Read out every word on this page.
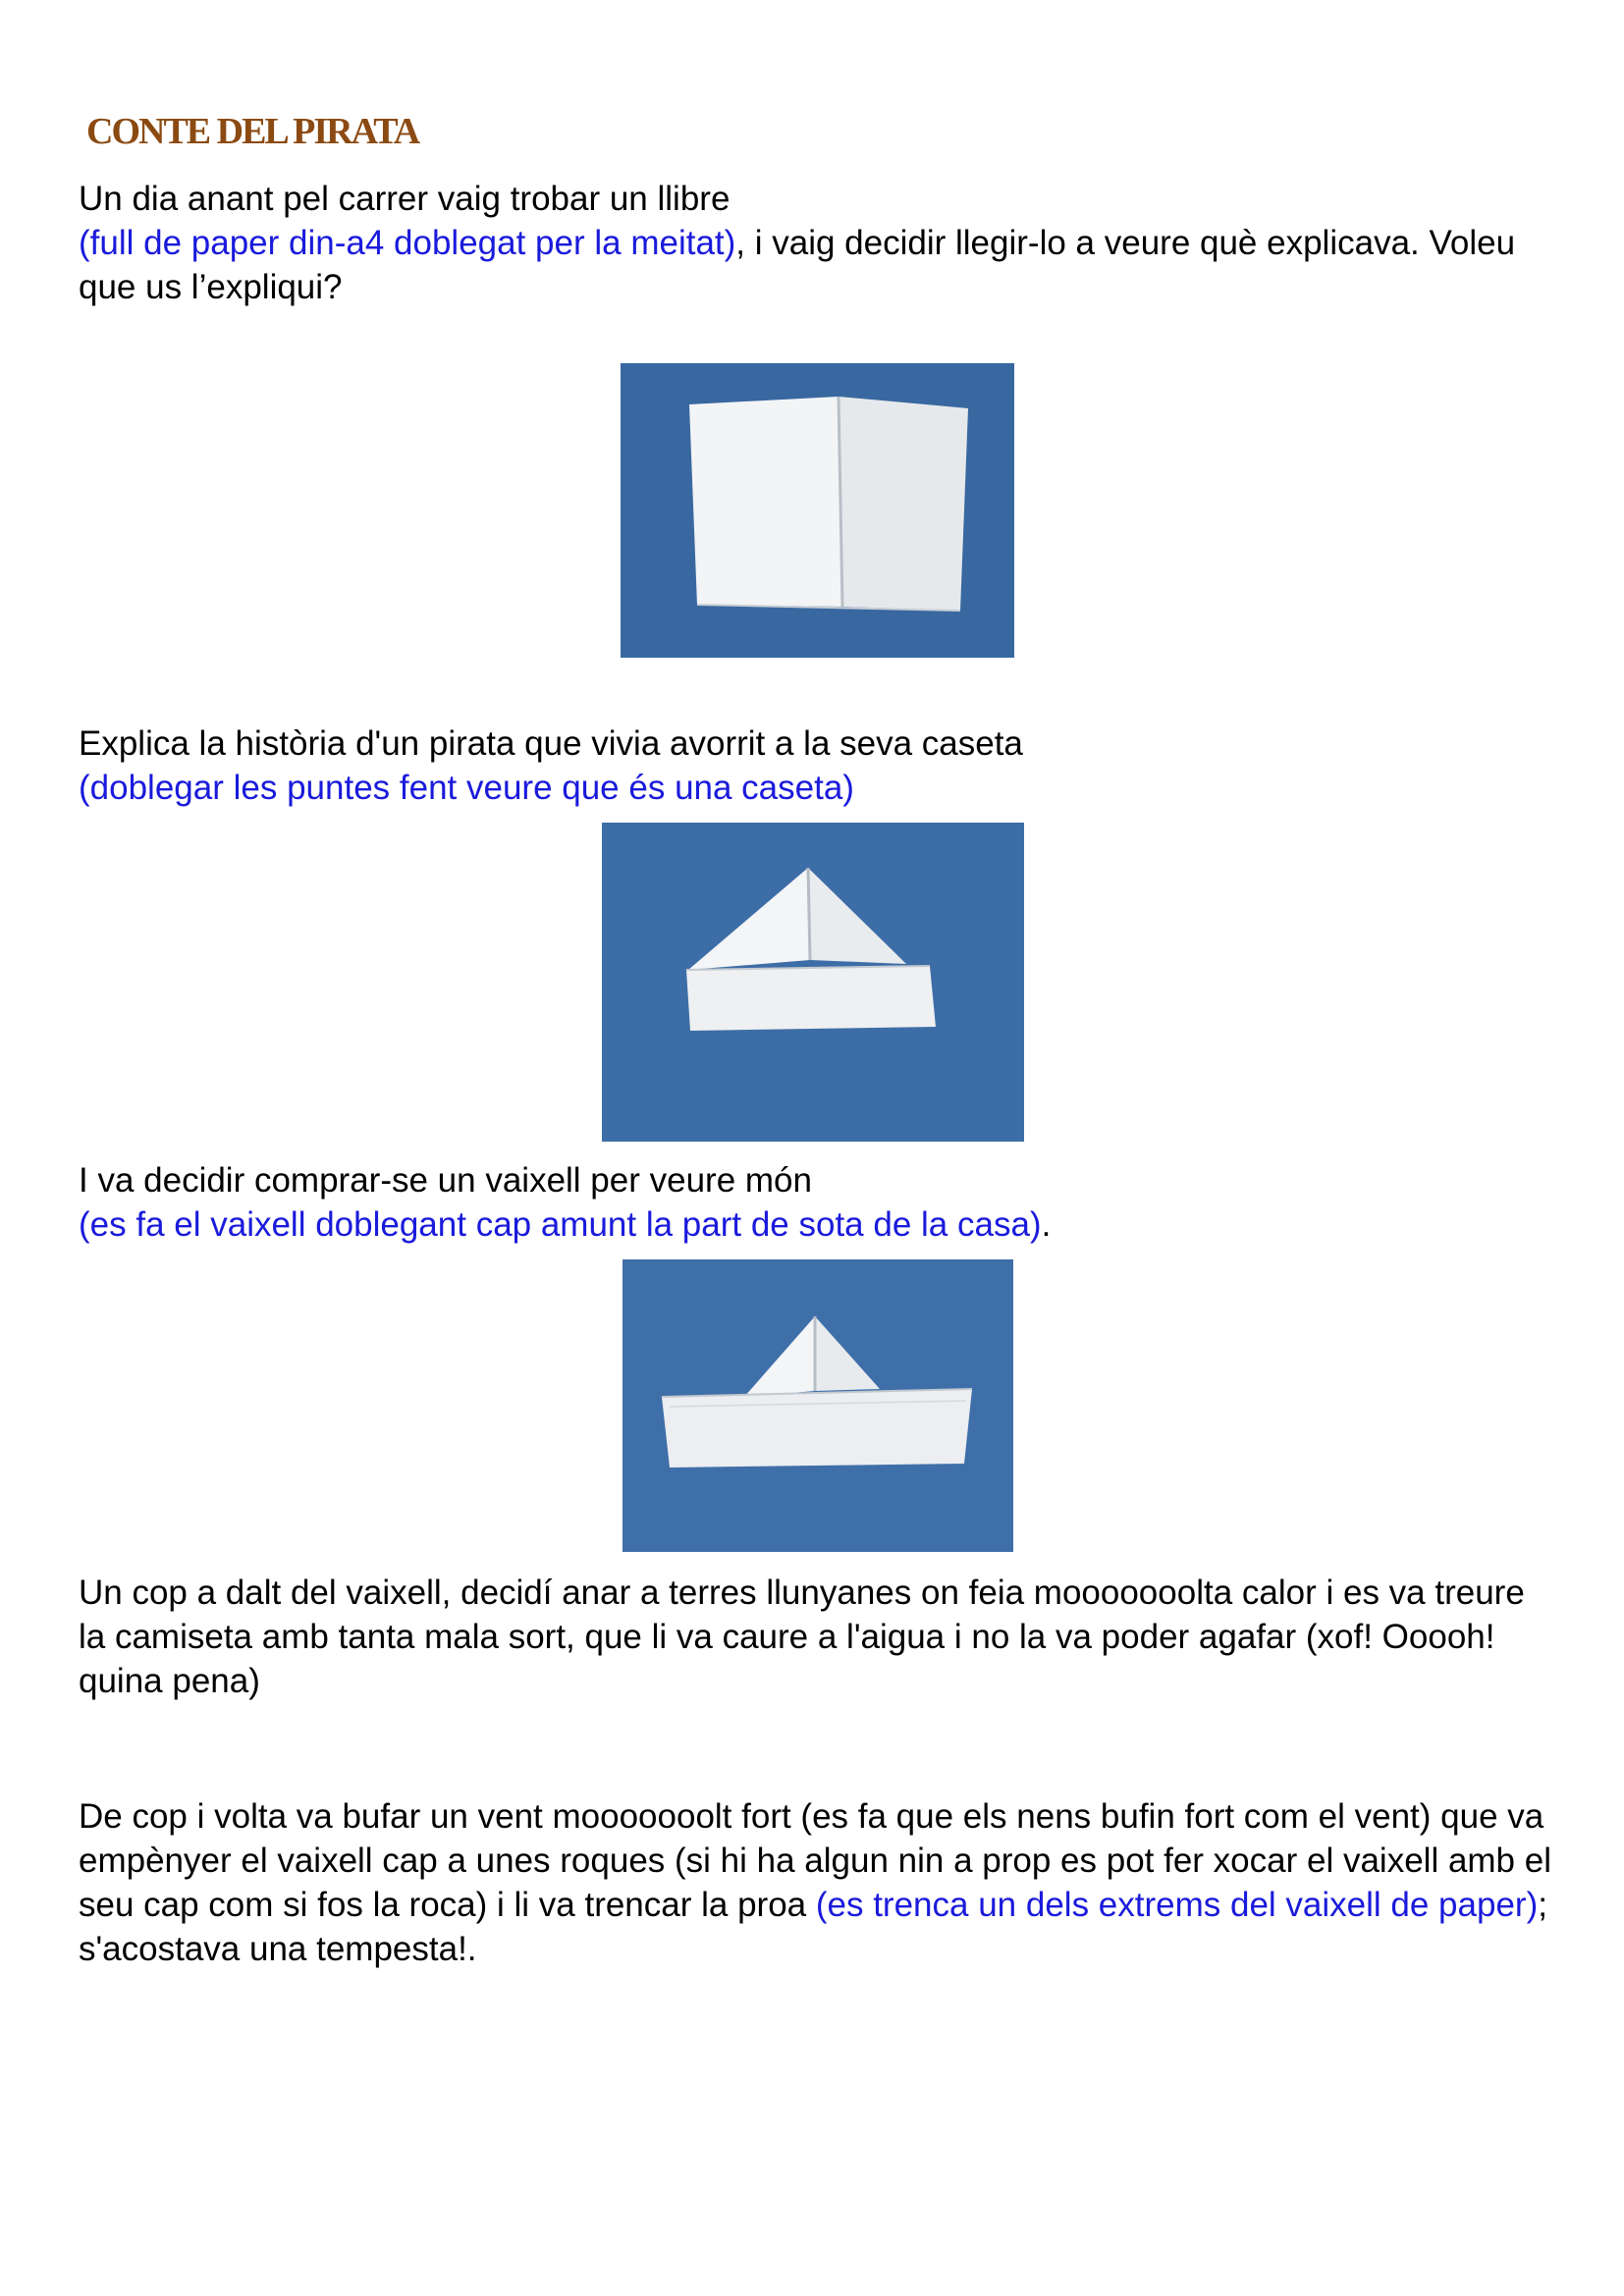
CONTE DEL PIRATA

Un dia anant pel carrer vaig trobar un llibre
(full de paper din-a4 doblegat per la meitat), i vaig decidir llegir-lo a veure què explicava. Voleu que us l’expliqui?

Explica la història d'un pirata que vivia avorrit a la seva caseta
(doblegar les puntes fent veure que és una caseta)

I va decidir comprar-se un vaixell per veure món
(es fa el vaixell doblegant cap amunt la part de sota de la casa).

Un cop a dalt del vaixell, decidí anar a terres llunyanes on feia mooooooolta calor i es va treure la camiseta amb tanta mala sort, que li va caure a l'aigua i no la va poder agafar (xof! Ooooh! quina pena)

De cop i volta va bufar un vent mooooooolt fort (es fa que els nens bufin fort com el vent) que va empènyer el vaixell cap a unes roques (si hi ha algun nin a prop es pot fer xocar el vaixell amb el seu cap com si fos la roca) i li va trencar la proa (es trenca un dels extrems del vaixell de paper); s'acostava una tempesta!.
